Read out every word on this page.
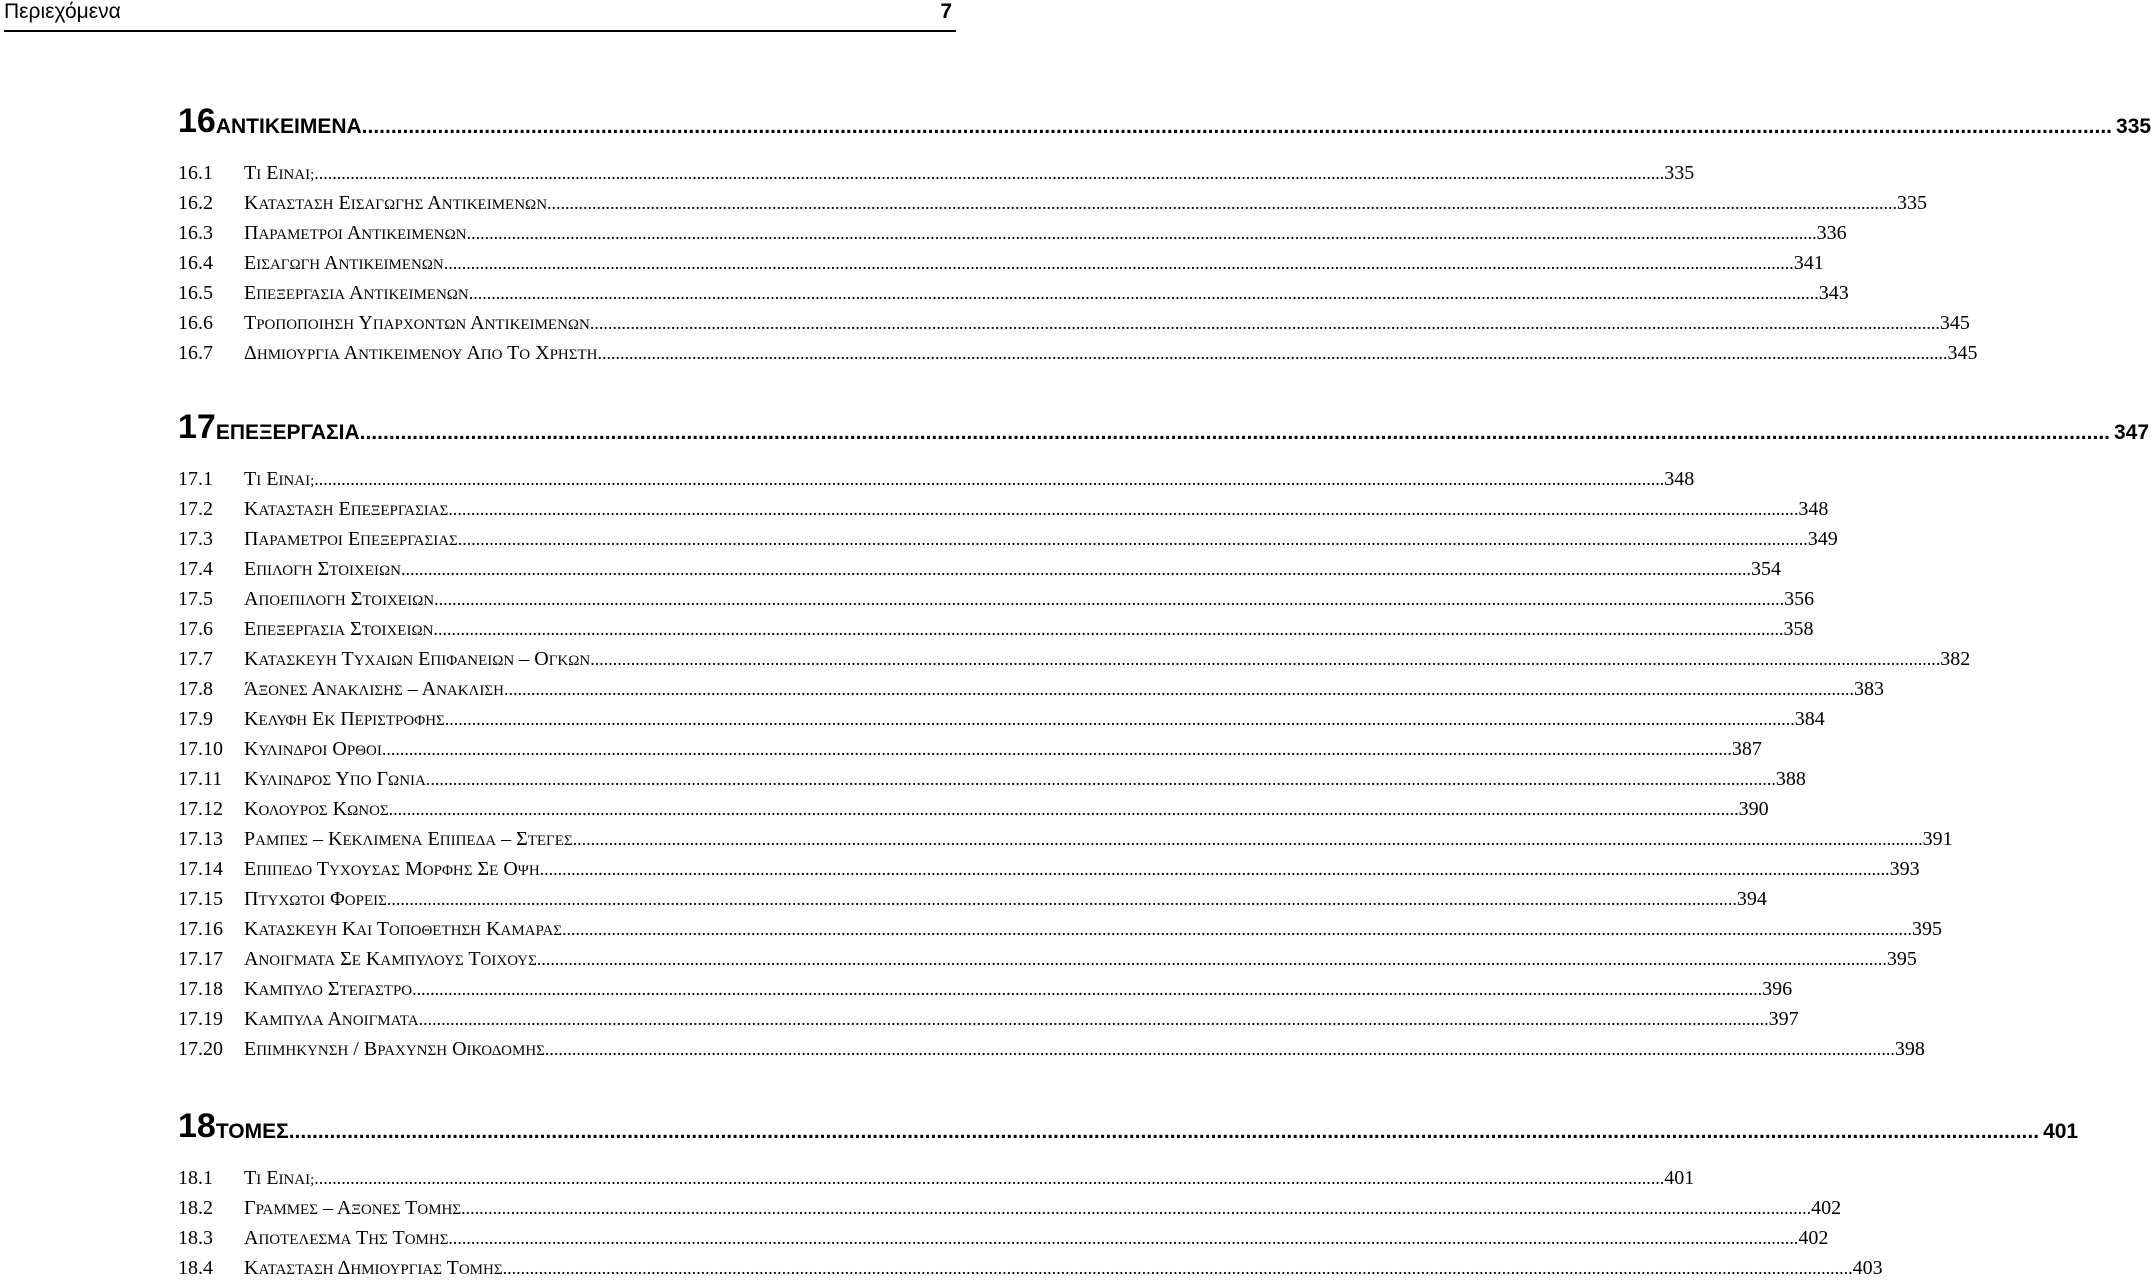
Περιεχόμενα	7
16 ΑΝΤΙΚΕΙΜΕΝΑ ............................................................................................................................................................................................................................................................................................................ 335
16.1	ΤΙ ΕΙΝΑΙ; ............................................................................................................................................................................................................................................................................................................ 335
16.2	ΚΑΤΑΣΤΑΣΗ ΕΙΣΑΓΩΓΗΣ ΑΝΤΙΚΕΙΜΕΝΩΝ ............................................................................................................................................................................................................................................................................................................ 335
16.3	ΠΑΡΑΜΕΤΡΟΙ ΑΝΤΙΚΕΙΜΕΝΩΝ ............................................................................................................................................................................................................................................................................................................ 336
16.4	ΕΙΣΑΓΩΓΗ ΑΝΤΙΚΕΙΜΕΝΩΝ ............................................................................................................................................................................................................................................................................................................ 341
16.5	ΕΠΕΞΕΡΓΑΣΙΑ ΑΝΤΙΚΕΙΜΕΝΩΝ ............................................................................................................................................................................................................................................................................................................ 343
16.6	ΤΡΟΠΟΠΟΙΗΣΗ ΥΠΑΡΧΟΝΤΩΝ ΑΝΤΙΚΕΙΜΕΝΩΝ ............................................................................................................................................................................................................................................................................................................ 345
16.7	ΔΗΜΙΟΥΡΓΙΑ ΑΝΤΙΚΕΙΜΕΝΟΥ ΑΠΟ ΤΟ ΧΡΗΣΤΗ ............................................................................................................................................................................................................................................................................................................ 345
17 ΕΠΕΞΕΡΓΑΣΙΑ ............................................................................................................................................................................................................................................................................................................ 347
17.1	ΤΙ ΕΙΝΑΙ; ............................................................................................................................................................................................................................................................................................................ 348
17.2	ΚΑΤΑΣΤΑΣΗ ΕΠΕΞΕΡΓΑΣΙΑΣ ............................................................................................................................................................................................................................................................................................................ 348
17.3	ΠΑΡΑΜΕΤΡΟΙ ΕΠΕΞΕΡΓΑΣΙΑΣ ............................................................................................................................................................................................................................................................................................................ 349
17.4	ΕΠΙΛΟΓΗ ΣΤΟΙΧΕΙΩΝ ............................................................................................................................................................................................................................................................................................................ 354
17.5	ΑΠΟΕΠΙΛΟΓΗ ΣΤΟΙΧΕΙΩΝ ............................................................................................................................................................................................................................................................................................................ 356
17.6	ΕΠΕΞΕΡΓΑΣΙΑ ΣΤΟΙΧΕΙΩΝ ............................................................................................................................................................................................................................................................................................................ 358
17.7	ΚΑΤΑΣΚΕΥΗ ΤΥΧΑΙΩΝ ΕΠΙΦΑΝΕΙΩΝ – ΟΓΚΩΝ ............................................................................................................................................................................................................................................................................................................ 382
17.8	ΆΞΟΝΕΣ ΑΝΑΚΛΙΣΗΣ – ΑΝΑΚΛΙΣΗ ............................................................................................................................................................................................................................................................................................................ 383
17.9	ΚΕΛΥΦΗ ΕΚ ΠΕΡΙΣΤΡΟΦΗΣ ............................................................................................................................................................................................................................................................................................................ 384
17.10	ΚΥΛΙΝΔΡΟΙ ΟΡΘΟΙ ............................................................................................................................................................................................................................................................................................................ 387
17.11	ΚΥΛΙΝΔΡΟΣ ΥΠΟ ΓΩΝΙΑ ............................................................................................................................................................................................................................................................................................................ 388
17.12	ΚΟΛΟΥΡΟΣ ΚΩΝΟΣ ............................................................................................................................................................................................................................................................................................................ 390
17.13	ΡΑΜΠΕΣ – ΚΕΚΛΙΜΕΝΑ ΕΠΙΠΕΔΑ – ΣΤΕΓΕΣ ............................................................................................................................................................................................................................................................................................................ 391
17.14	ΕΠΙΠΕΔΟ ΤΥΧΟΥΣΑΣ ΜΟΡΦΗΣ ΣΕ ΟΨΗ ............................................................................................................................................................................................................................................................................................................ 393
17.15	ΠΤΥΧΩΤΟΙ ΦΟΡΕΙΣ ............................................................................................................................................................................................................................................................................................................ 394
17.16	ΚΑΤΑΣΚΕΥΗ ΚΑΙ ΤΟΠΟΘΕΤΗΣΗ ΚΑΜΑΡΑΣ ............................................................................................................................................................................................................................................................................................................ 395
17.17	ΑΝΟΙΓΜΑΤΑ ΣΕ ΚΑΜΠΥΛΟΥΣ ΤΟΙΧΟΥΣ ............................................................................................................................................................................................................................................................................................................ 395
17.18	ΚΑΜΠΥΛΟ ΣΤΕΓΑΣΤΡΟ ............................................................................................................................................................................................................................................................................................................ 396
17.19	ΚΑΜΠΥΛΑ ΑΝΟΙΓΜΑΤΑ ............................................................................................................................................................................................................................................................................................................ 397
17.20	ΕΠΙΜΗΚΥΝΣΗ / ΒΡΑΧΥΝΣΗ ΟΙΚΟΔΟΜΗΣ ............................................................................................................................................................................................................................................................................................................ 398
18 ΤΟΜΕΣ ............................................................................................................................................................................................................................................................................................................ 401
18.1	ΤΙ ΕΙΝΑΙ; ............................................................................................................................................................................................................................................................................................................ 401
18.2	ΓΡΑΜΜΕΣ – ΑΞΟΝΕΣ ΤΟΜΗΣ ............................................................................................................................................................................................................................................................................................................ 402
18.3	ΑΠΟΤΕΛΕΣΜΑ ΤΗΣ ΤΟΜΗΣ ............................................................................................................................................................................................................................................................................................................ 402
18.4	ΚΑΤΑΣΤΑΣΗ ΔΗΜΙΟΥΡΓΙΑΣ ΤΟΜΗΣ ............................................................................................................................................................................................................................................................................................................ 403
